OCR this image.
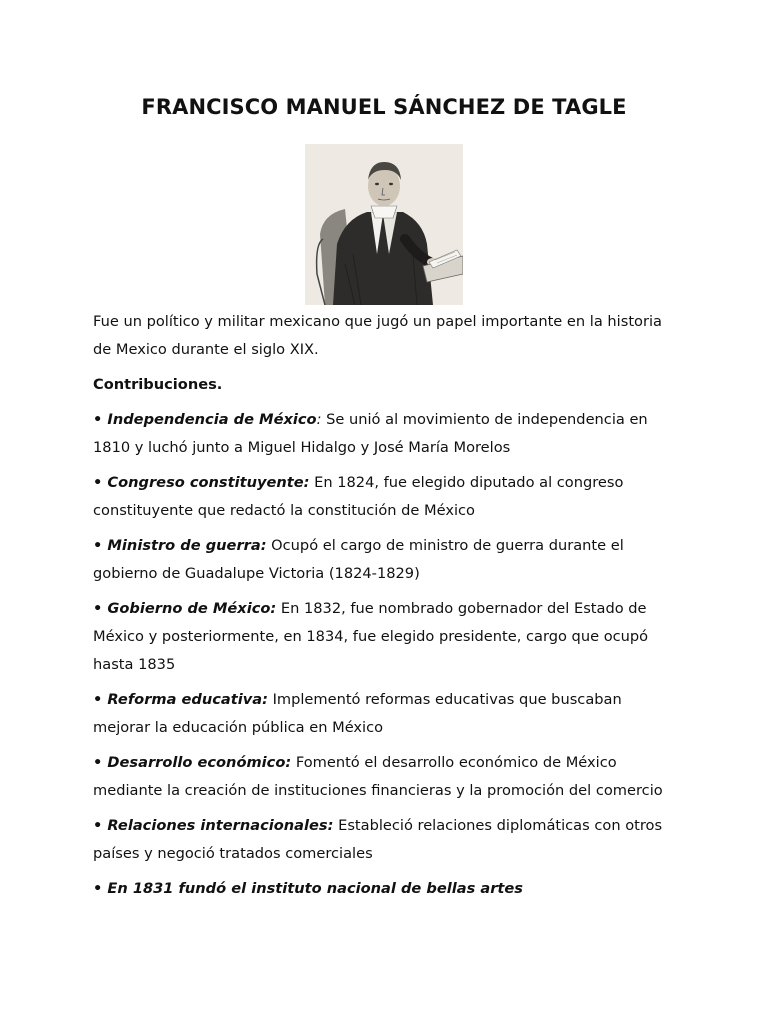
FRANCISCO MANUEL SÁNCHEZ DE TAGLE

Fue un político y militar mexicano que jugó un papel importante en la historia de Mexico durante el siglo XIX.

Contribuciones.

• Independencia de México: Se unió al movimiento de independencia en 1810 y luchó junto a Miguel Hidalgo y José María Morelos

• Congreso constituyente: En 1824, fue elegido diputado al congreso constituyente que redactó la constitución de México

• Ministro de guerra: Ocupó el cargo de ministro de guerra durante el gobierno de Guadalupe Victoria (1824-1829)

• Gobierno de México: En 1832, fue nombrado gobernador del Estado de México y posteriormente, en 1834, fue elegido presidente, cargo que ocupó hasta 1835

• Reforma educativa: Implementó reformas educativas que buscaban mejorar la educación pública en México

• Desarrollo económico: Fomentó el desarrollo económico de México mediante la creación de instituciones financieras y la promoción del comercio

• Relaciones internacionales: Estableció relaciones diplomáticas con otros países y negoció tratados comerciales

• En 1831 fundó el instituto nacional de bellas artes
